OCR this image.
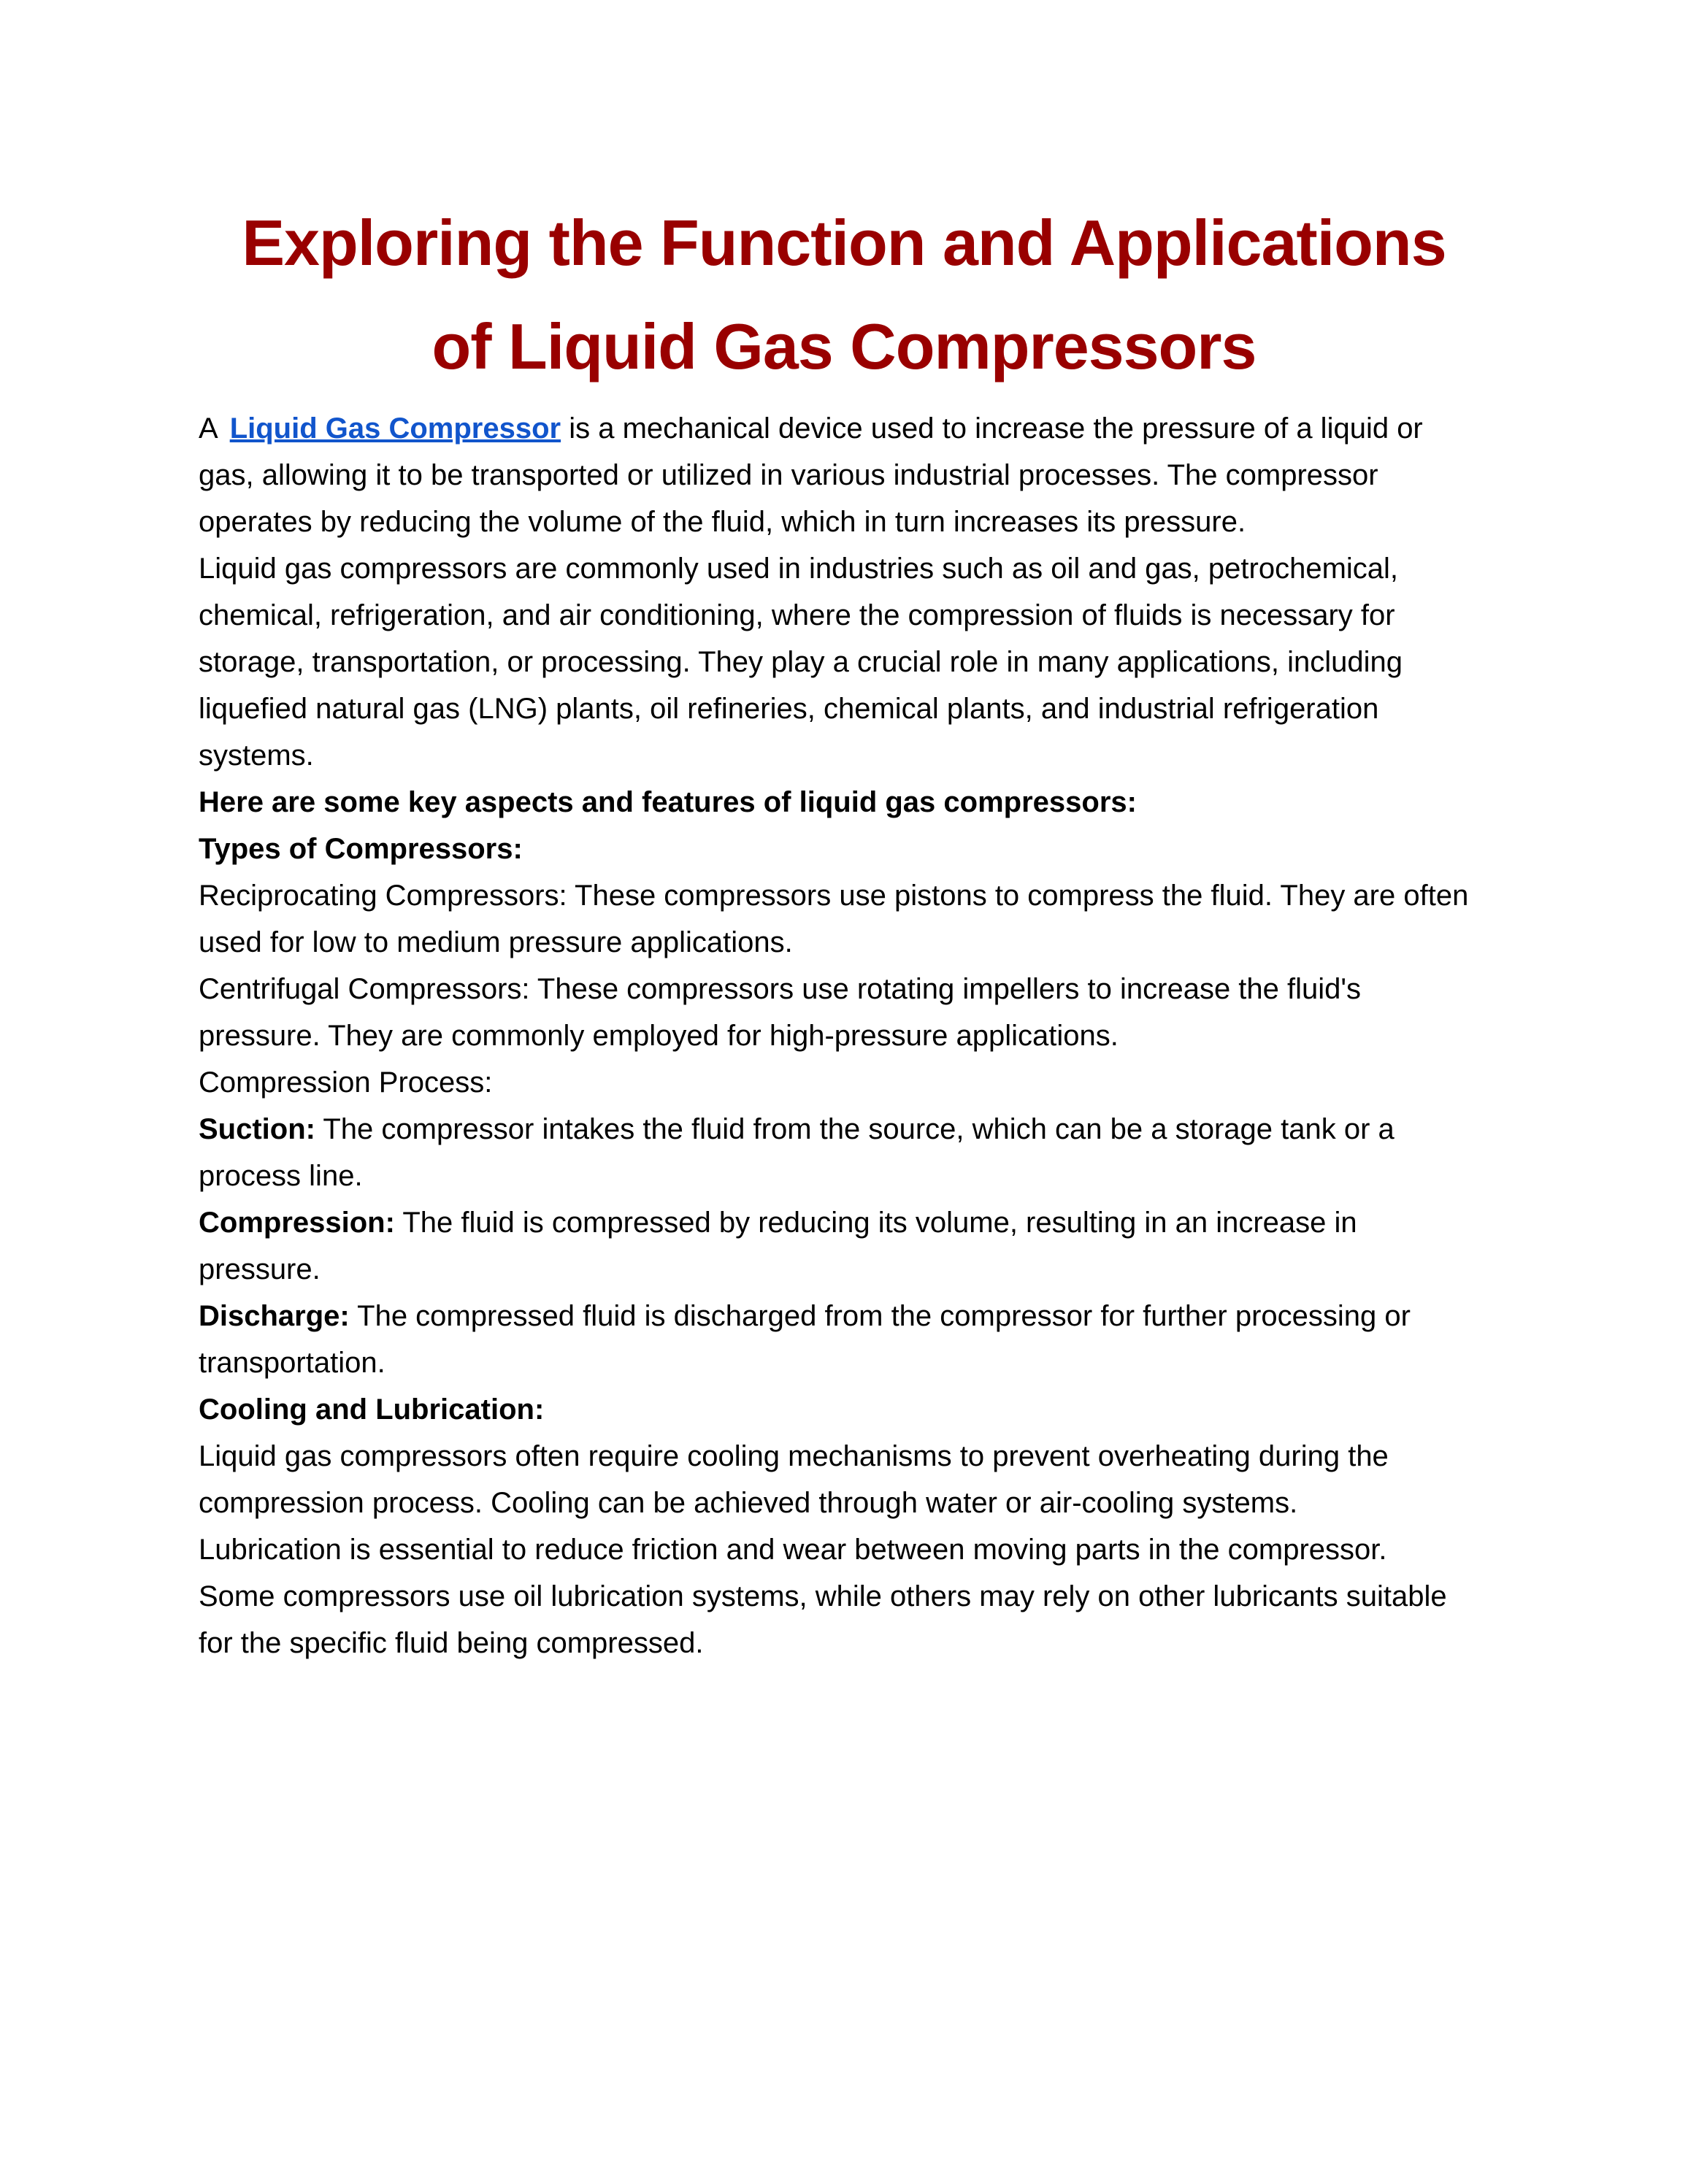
Exploring the Function and Applications
of Liquid Gas Compressors

A Liquid Gas Compressor is a mechanical device used to increase the pressure of a liquid or gas, allowing it to be transported or utilized in various industrial processes. The compressor operates by reducing the volume of the fluid, which in turn increases its pressure.

Liquid gas compressors are commonly used in industries such as oil and gas, petrochemical, chemical, refrigeration, and air conditioning, where the compression of fluids is necessary for storage, transportation, or processing. They play a crucial role in many applications, including liquefied natural gas (LNG) plants, oil refineries, chemical plants, and industrial refrigeration systems.

Here are some key aspects and features of liquid gas compressors:

Types of Compressors:

Reciprocating Compressors: These compressors use pistons to compress the fluid. They are often used for low to medium pressure applications.

Centrifugal Compressors: These compressors use rotating impellers to increase the fluid's pressure. They are commonly employed for high-pressure applications.

Compression Process:

Suction: The compressor intakes the fluid from the source, which can be a storage tank or a process line.

Compression: The fluid is compressed by reducing its volume, resulting in an increase in pressure.

Discharge: The compressed fluid is discharged from the compressor for further processing or transportation.

Cooling and Lubrication:

Liquid gas compressors often require cooling mechanisms to prevent overheating during the compression process. Cooling can be achieved through water or air-cooling systems.

Lubrication is essential to reduce friction and wear between moving parts in the compressor. Some compressors use oil lubrication systems, while others may rely on other lubricants suitable for the specific fluid being compressed.
